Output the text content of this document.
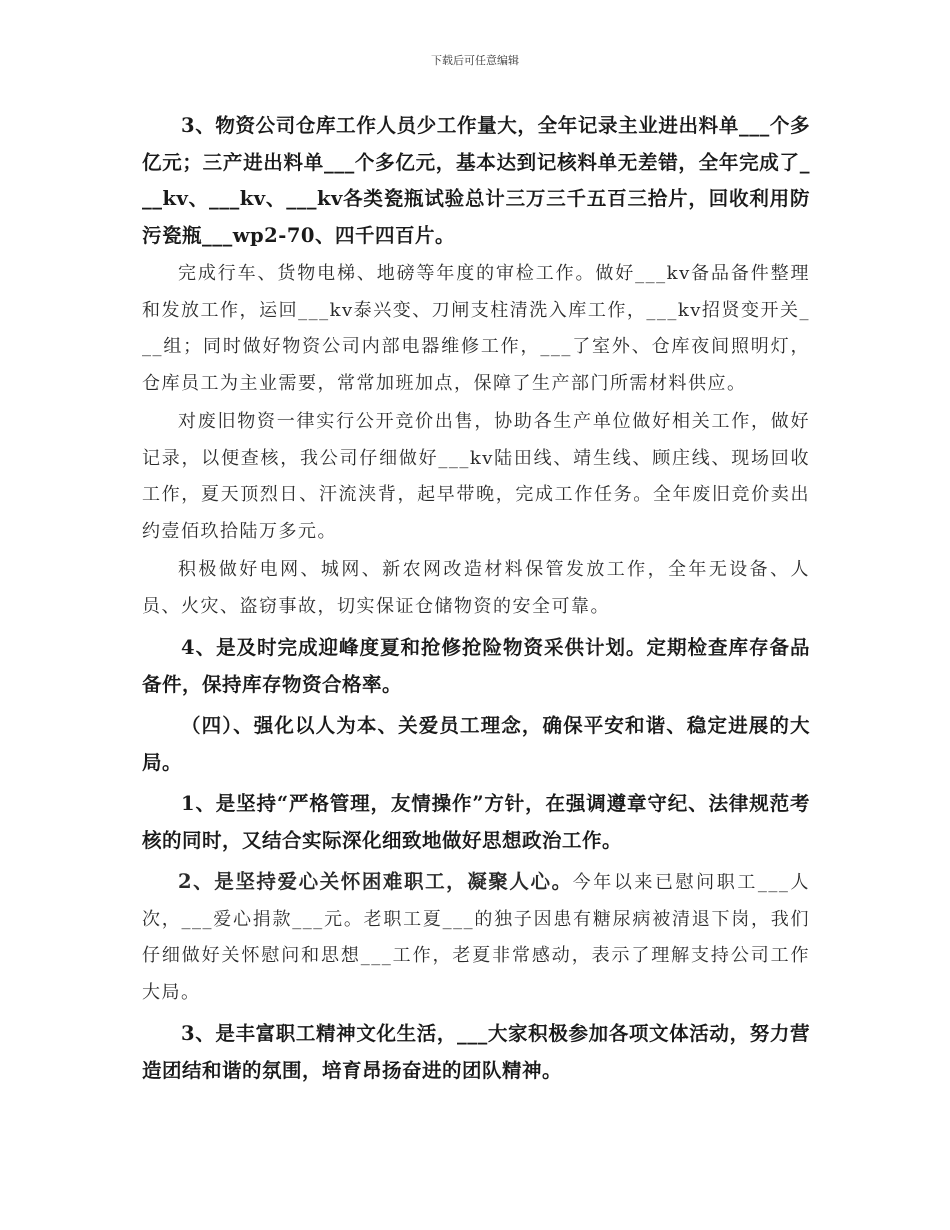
下载后可任意编辑

3、物资公司仓库工作人员少工作量大，全年记录主业进出料单___个多亿元；三产进出料单___个多亿元，基本达到记核料单无差错，全年完成了___kv、___kv、___kv各类瓷瓶试验总计三万三千五百三拾片，回收利用防污瓷瓶___wp2-70、四千四百片。

完成行车、货物电梯、地磅等年度的审检工作。做好___kv备品备件整理和发放工作，运回___kv泰兴变、刀闸支柱清洗入库工作，___kv招贤变开关___组；同时做好物资公司内部电器维修工作，___了室外、仓库夜间照明灯，仓库员工为主业需要，常常加班加点，保障了生产部门所需材料供应。

对废旧物资一律实行公开竞价出售，协助各生产单位做好相关工作，做好记录，以便查核，我公司仔细做好___kv陆田线、靖生线、顾庄线、现场回收工作，夏天顶烈日、汗流浃背，起早带晚，完成工作任务。全年废旧竞价卖出约壹佰玖拾陆万多元。

积极做好电网、城网、新农网改造材料保管发放工作，全年无设备、人员、火灾、盗窃事故，切实保证仓储物资的安全可靠。

4、是及时完成迎峰度夏和抢修抢险物资采供计划。定期检查库存备品备件，保持库存物资合格率。

（四）、强化以人为本、关爱员工理念，确保平安和谐、稳定进展的大局。

1、是坚持“严格管理，友情操作”方针，在强调遵章守纪、法律规范考核的同时，又结合实际深化细致地做好思想政治工作。

2、是坚持爱心关怀困难职工，凝聚人心。今年以来已慰问职工___人次，___爱心捐款___元。老职工夏___的独子因患有糖尿病被清退下岗，我们仔细做好关怀慰问和思想___工作，老夏非常感动，表示了理解支持公司工作大局。

3、是丰富职工精神文化生活，___大家积极参加各项文体活动，努力营造团结和谐的氛围，培育昂扬奋进的团队精神。
